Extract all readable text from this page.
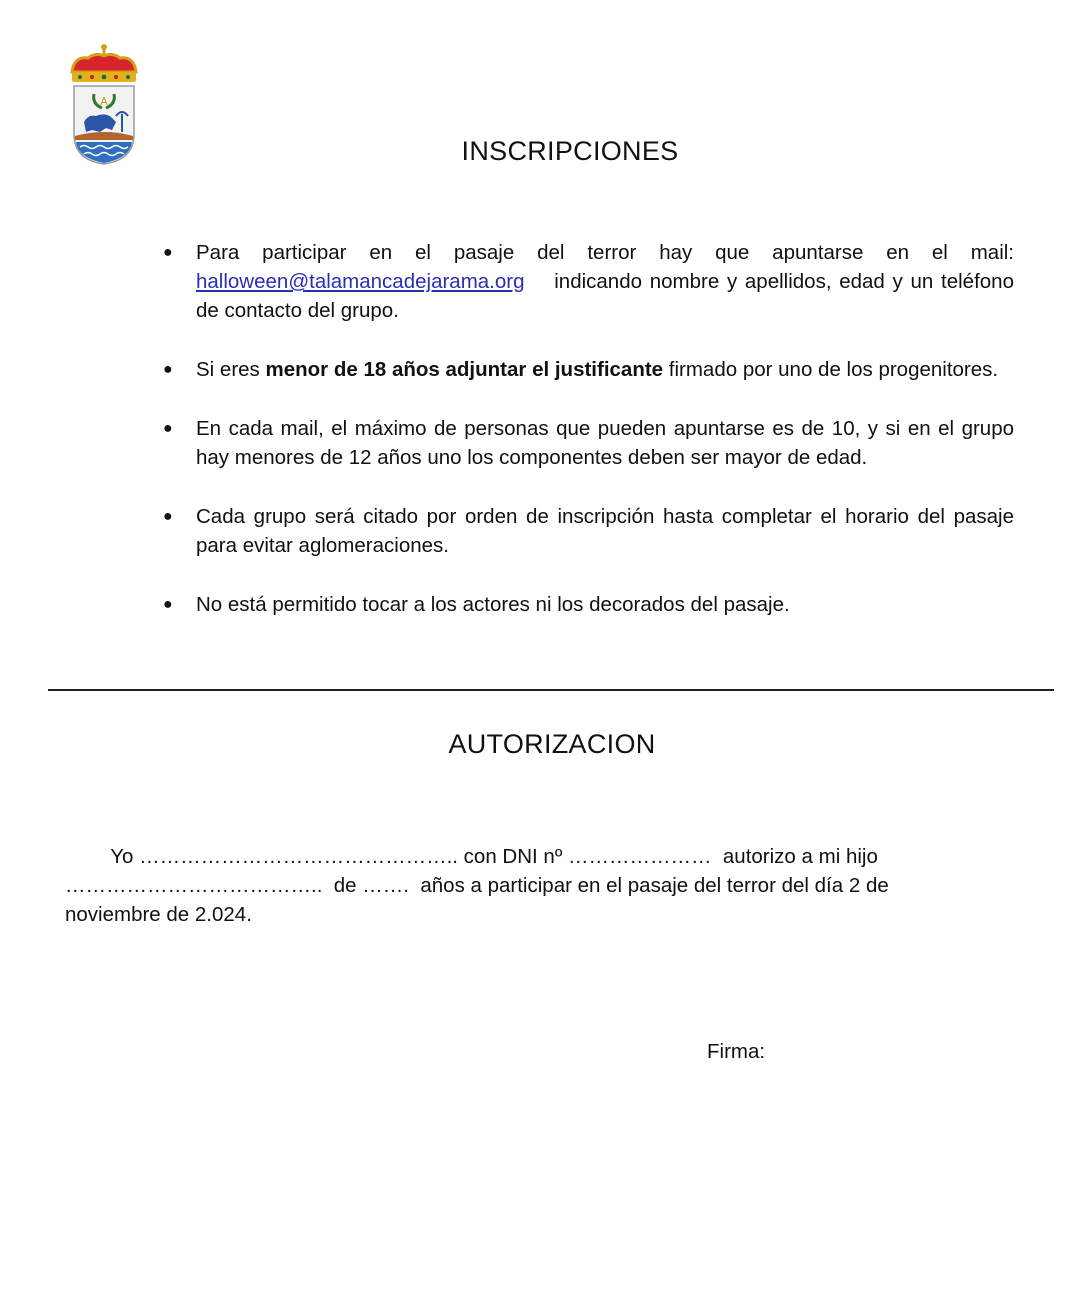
A
INSCRIPCIONES
● Para participar en el pasaje del terror hay que apuntarse en el mail: halloween@talamancadejarama.org indicando nombre y apellidos, edad y un teléfono de contacto del grupo.
● Si eres menor de 18 años adjuntar el justificante firmado por uno de los progenitores.
● En cada mail, el máximo de personas que pueden apuntarse es de 10, y si en el grupo hay menores de 12 años uno los componentes deben ser mayor de edad.
● Cada grupo será citado por orden de inscripción hasta completar el horario del pasaje para evitar aglomeraciones.
● No está permitido tocar a los actores ni los decorados del pasaje.
AUTORIZACION
Yo ……………………………………….. con DNI nº …………………  autorizo a mi hijo
………………………………..  de …….  años a participar en el pasaje del terror del día 2 de
noviembre de 2.024.
Firma:
